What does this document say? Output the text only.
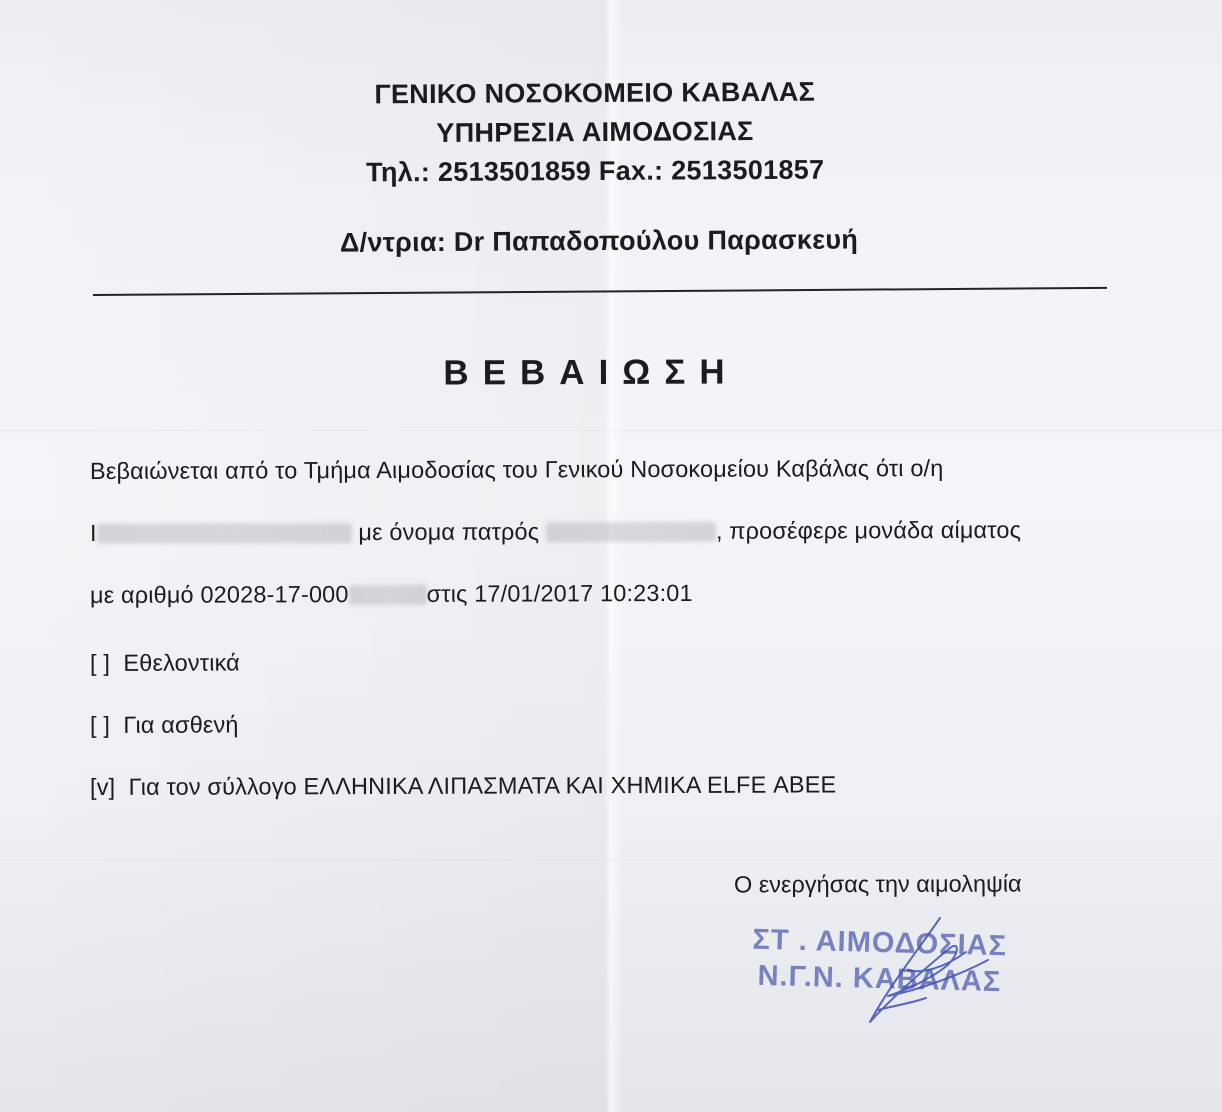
ΓΕΝΙΚΟ ΝΟΣΟΚΟΜΕΙΟ ΚΑΒΑΛΑΣ
ΥΠΗΡΕΣΙΑ ΑΙΜΟΔΟΣΙΑΣ
Τηλ.: 2513501859 Fax.: 2513501857
Δ/ντρια: Dr Παπαδοπούλου Παρασκευή
ΒΕΒΑΙΩΣΗ
Βεβαιώνεται από το Τμήμα Αιμοδοσίας του Γενικού Νοσοκομείου Καβάλας ότι ο/η
Ι	με όνομα πατρός	, προσέφερε μονάδα αίματος
με αριθμό 02028-17-000	στις 17/01/2017 10:23:01
[ ] Εθελοντικά
[ ] Για ασθενή
[v] Για τον σύλλογο ΕΛΛΗΝΙΚΑ ΛΙΠΑΣΜΑΤΑ ΚΑΙ ΧΗΜΙΚΑ ELFE ΑΒΕΕ
Ο ενεργήσας την αιμοληψία
ΣΤ . ΑΙΜΟΔΟΣΙΑΣ
Ν.Γ.Ν. ΚΑΒΑΛΑΣ
